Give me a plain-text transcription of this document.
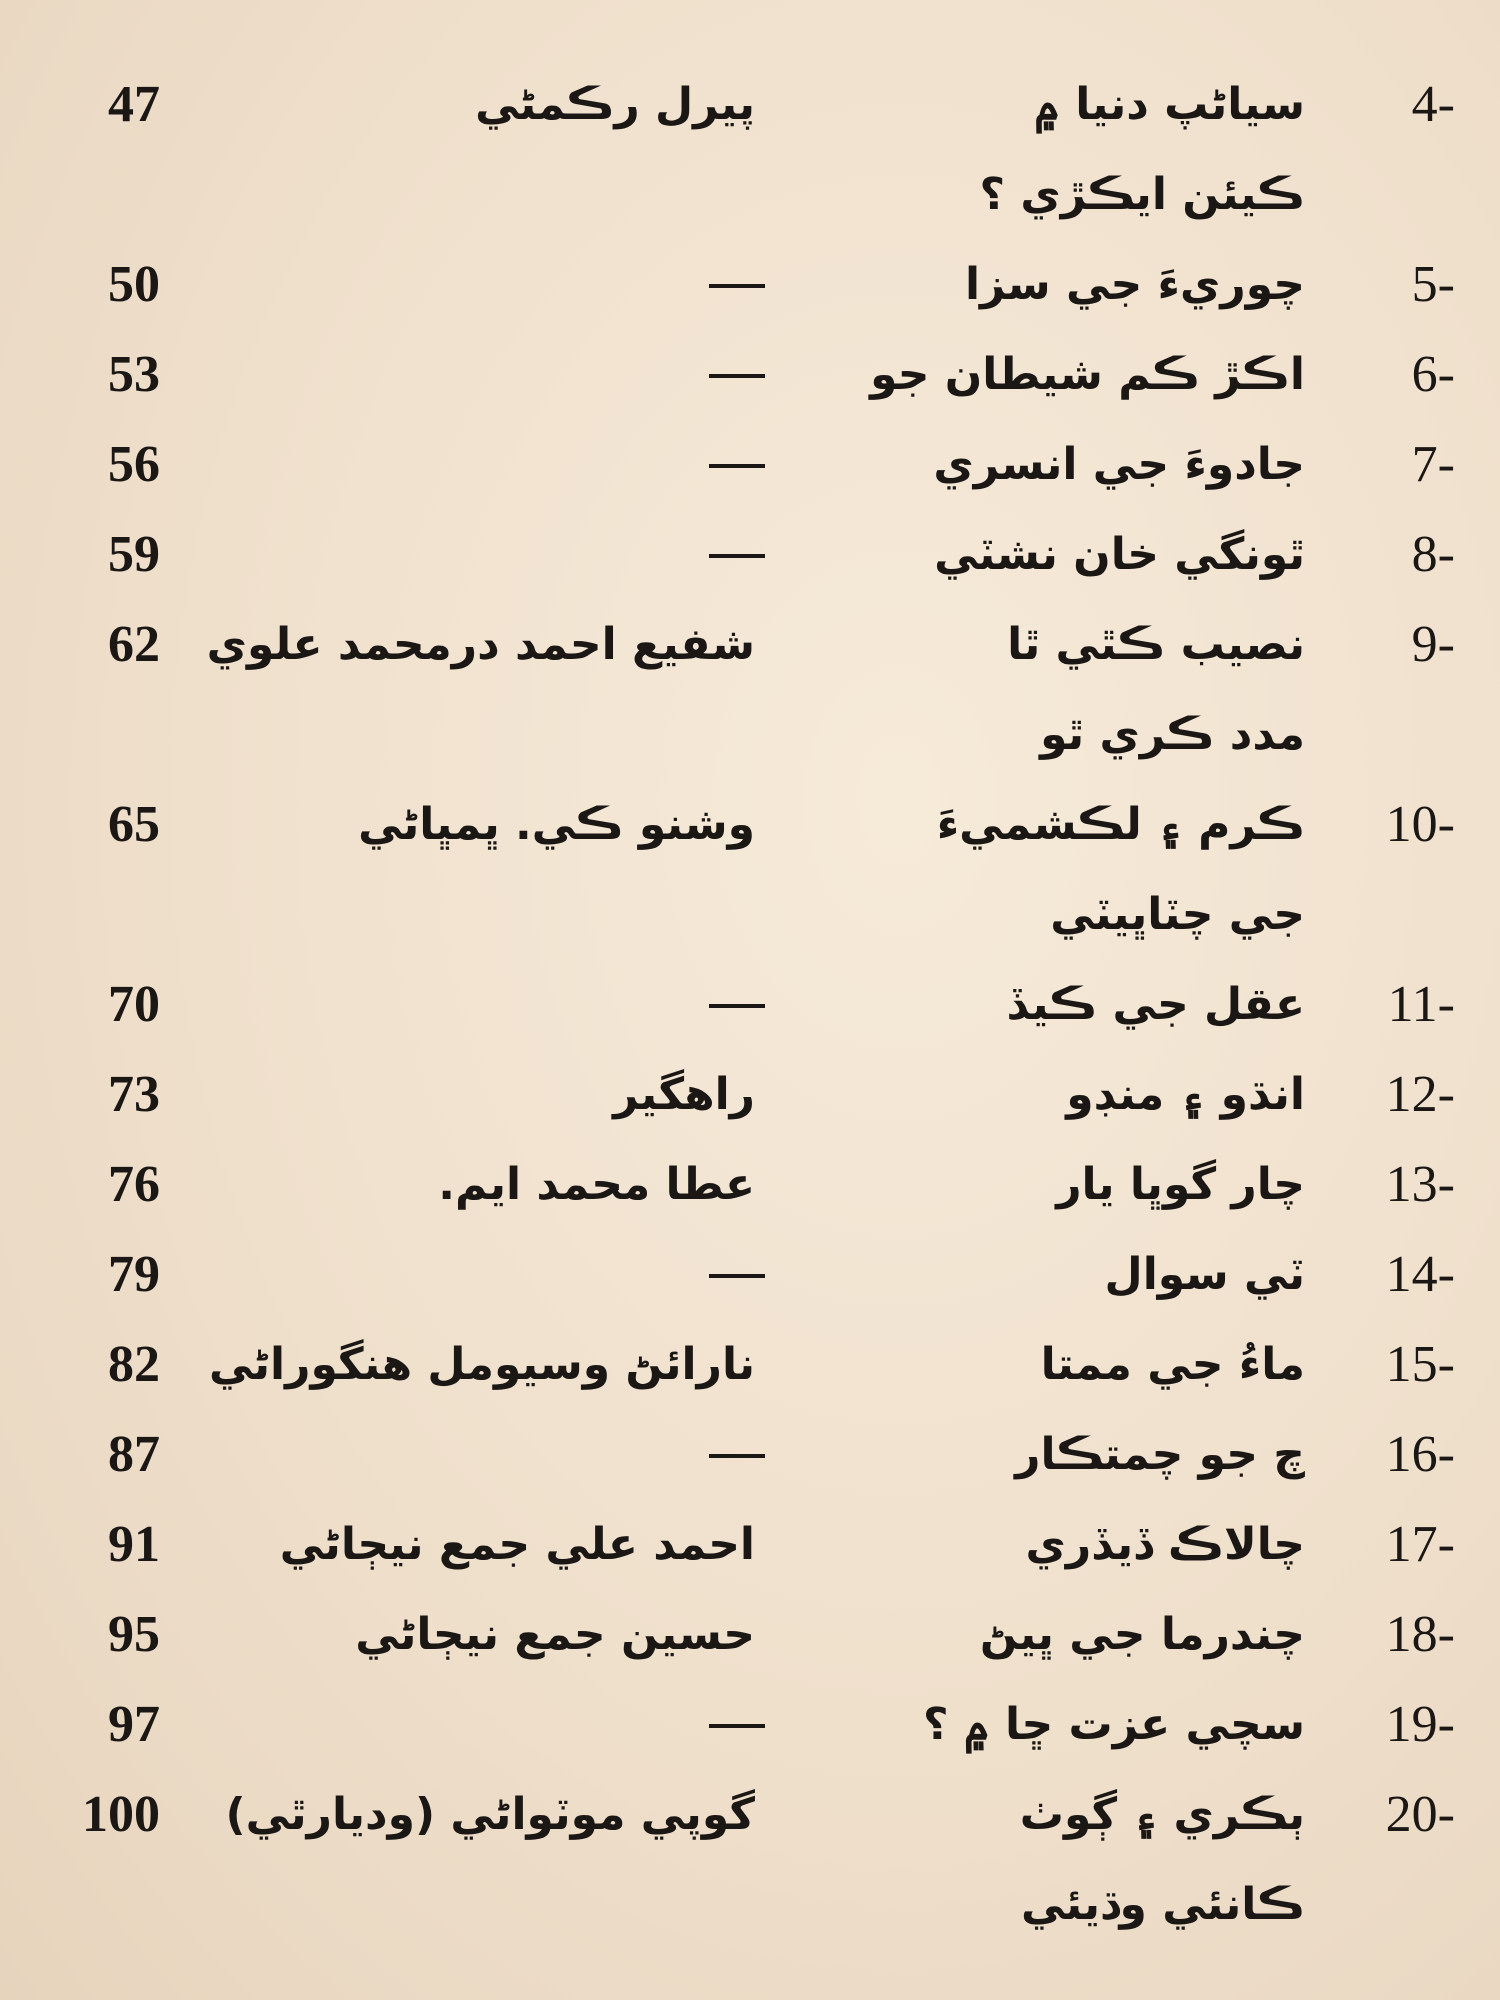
4-
سياڻپ دنيا ۾
ڪيئن ايڪڙي ؟
پيرل رڪمڻي
47
5-
چوريءَ جي سزا
50
6-
اڪڙ ڪم شيطان جو
53
7-
جادوءَ جي انسري
56
8-
ٿونگي خان نشٽي
59
9-
نصيب ڪٿي ٿا
مدد ڪري ٿو
شفيع احمد درمحمد علوي
62
10-
ڪرم ۽ لڪشميءَ
جي چٽاڀيٽي
وشنو ڪي. ڀمڀاڻي
65
11-
عقل جي ڪيڏ
70
12-
انڌو ۽ منڊو
راهگير
73
13-
چار گوڀا يار
عطا محمد ايم.
76
14-
ٽي سوال
79
15-
ماءُ جي ممتا
نارائڻ وسيومل هنگوراڻي
82
16-
چ جو چمتڪار
87
17-
چالاڪ ڏيڏري
احمد علي جمع نيڄاڻي
91
18-
چندرما جي ڀيڻ
حسين جمع نيڄاڻي
95
19-
سچي عزت ڇا ۾ ؟
97
20-
ٻڪري ۽ ڳوٺ
ڪانئي وڌيئي
گوپي موٽواڻي (وديارٿي)
100
